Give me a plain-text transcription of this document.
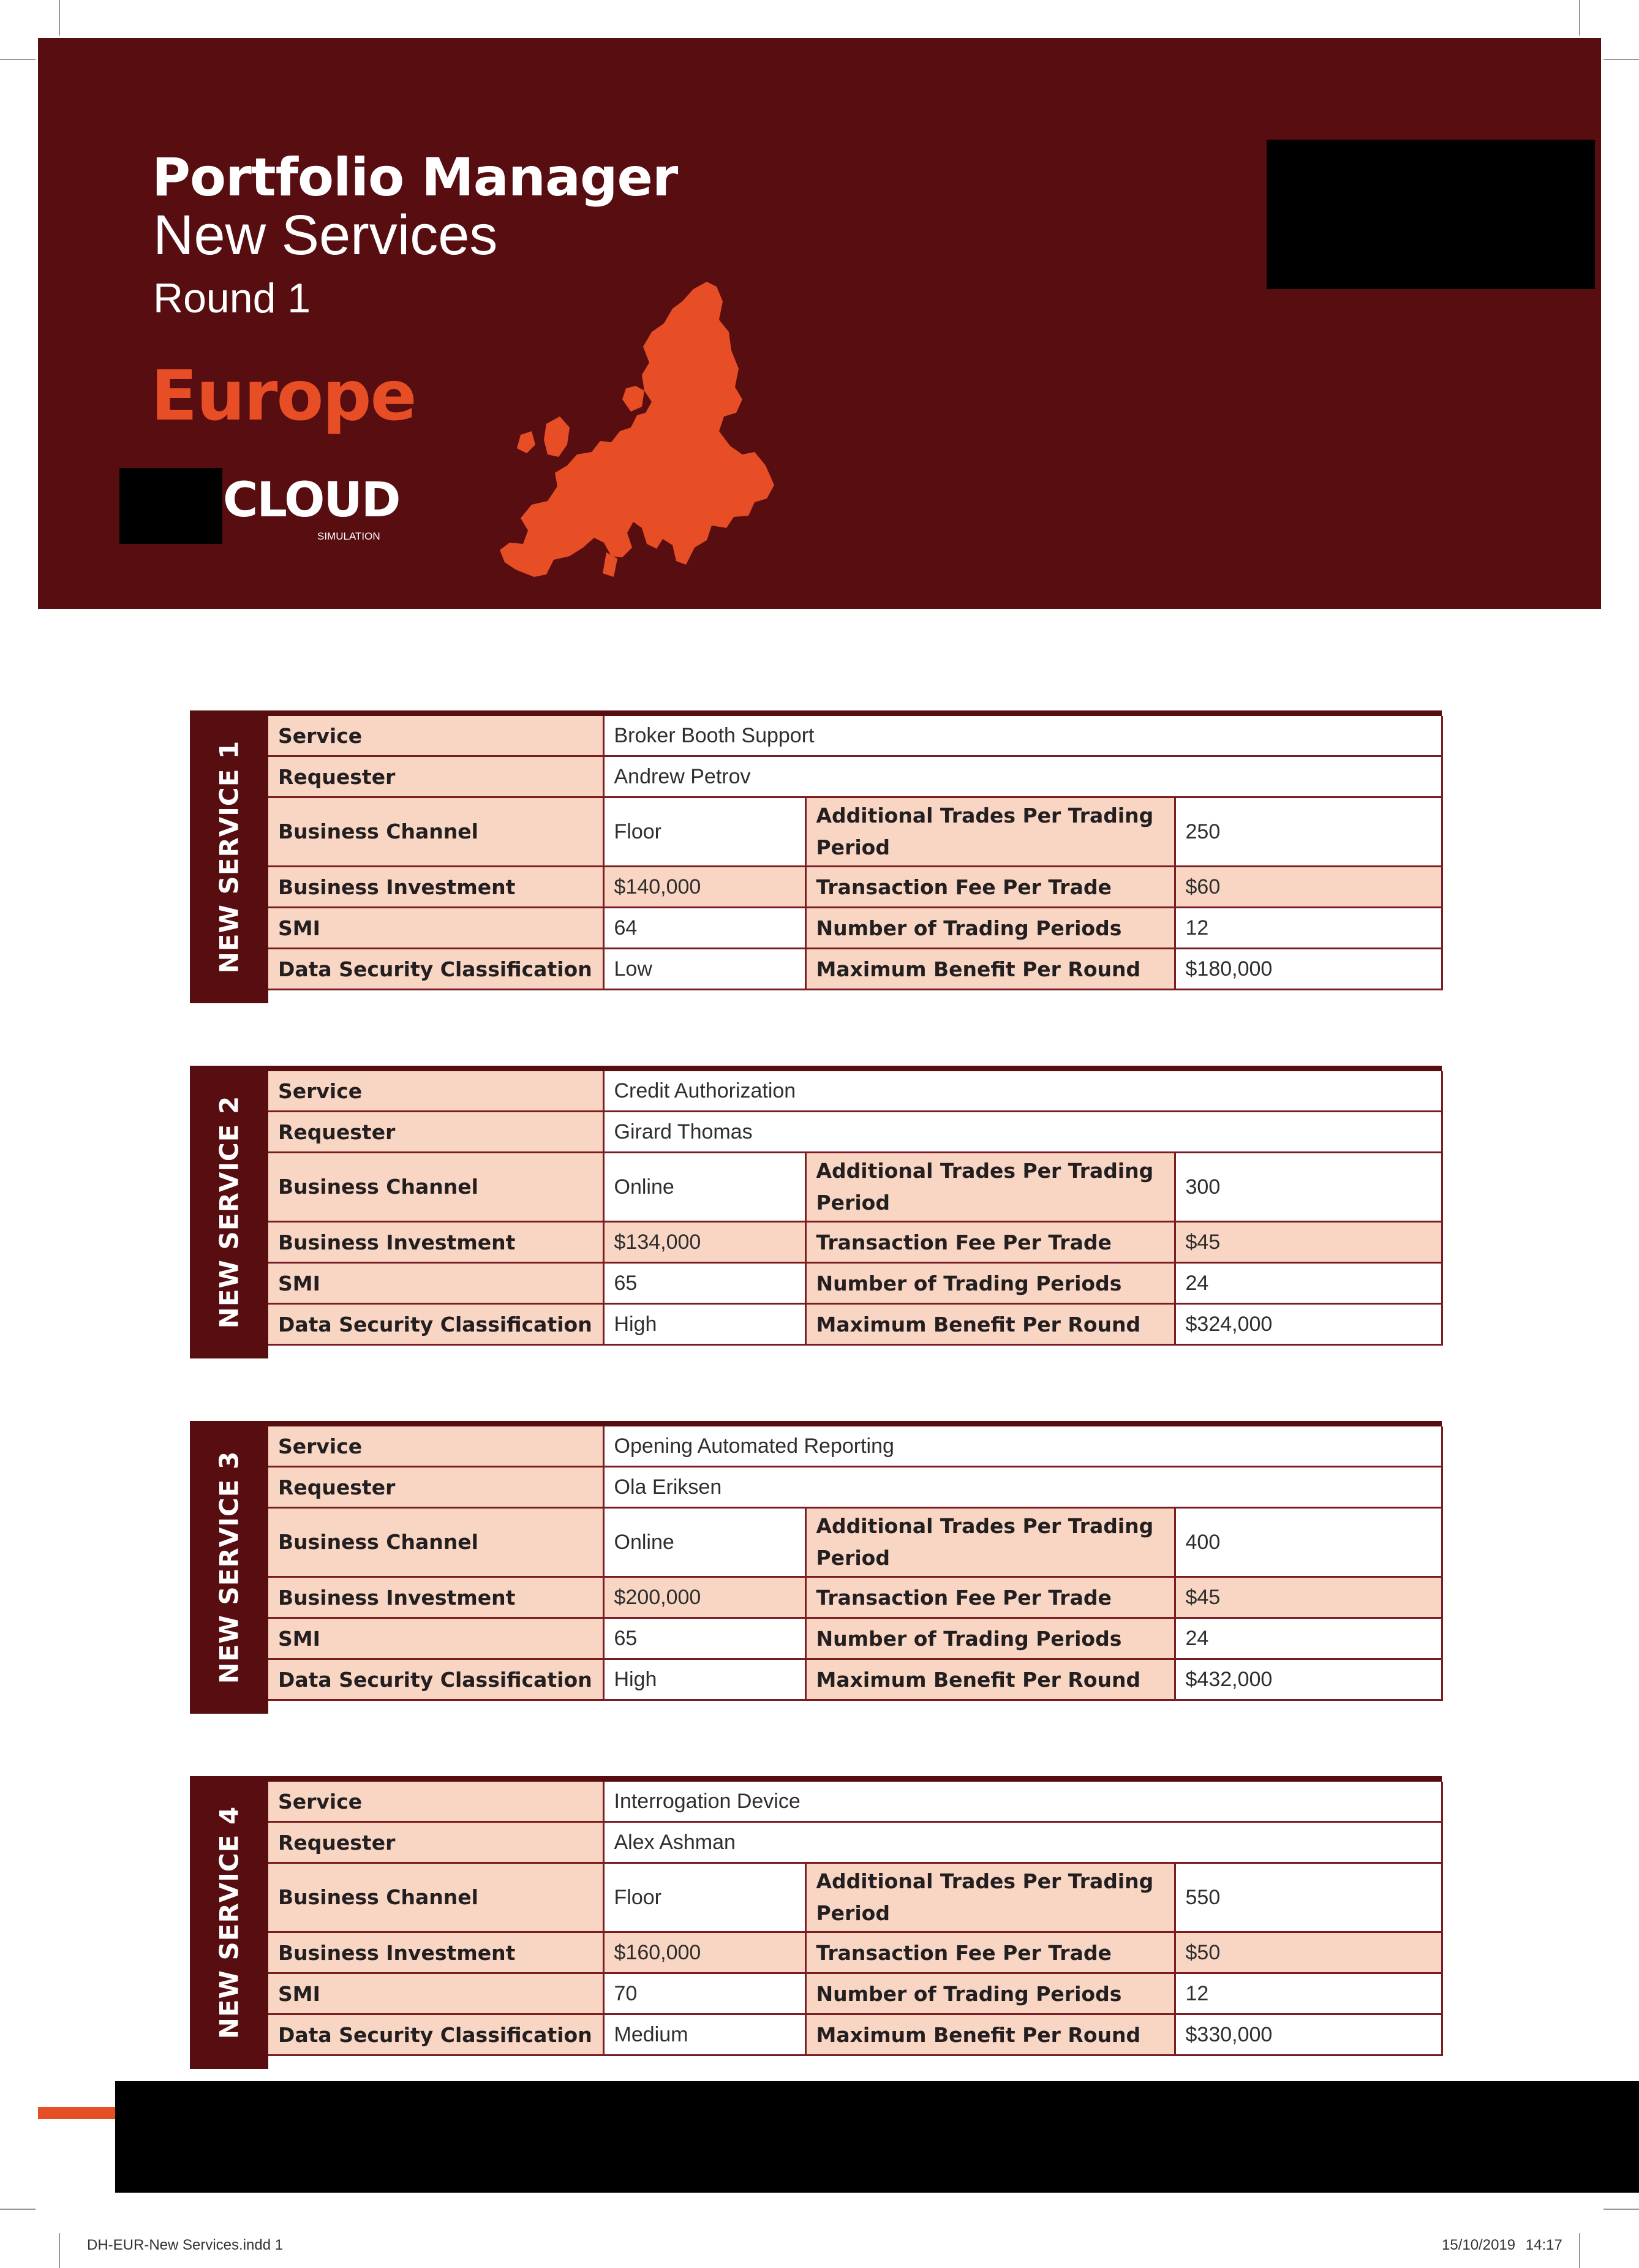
Portfolio Manager
New Services
Round 1
Europe
CLOUD
SIMULATION
NEW SERVICE 1
Service	Broker Booth Support		
Requester	Andrew Petrov		
Business Channel	Floor	Additional Trades Per Trading Period	250
Business Investment	$140,000	Transaction Fee Per Trade	$60
SMI	64	Number of Trading Periods	12
Data Security Classification	Low	Maximum Benefit Per Round	$180,000
NEW SERVICE 2
Service	Credit Authorization		
Requester	Girard Thomas		
Business Channel	Online	Additional Trades Per Trading Period	300
Business Investment	$134,000	Transaction Fee Per Trade	$45
SMI	65	Number of Trading Periods	24
Data Security Classification	High	Maximum Benefit Per Round	$324,000
NEW SERVICE 3
Service	Opening Automated Reporting		
Requester	Ola Eriksen		
Business Channel	Online	Additional Trades Per Trading Period	400
Business Investment	$200,000	Transaction Fee Per Trade	$45
SMI	65	Number of Trading Periods	24
Data Security Classification	High	Maximum Benefit Per Round	$432,000
NEW SERVICE 4
Service	Interrogation Device		
Requester	Alex Ashman		
Business Channel	Floor	Additional Trades Per Trading Period	550
Business Investment	$160,000	Transaction Fee Per Trade	$50
SMI	70	Number of Trading Periods	12
Data Security Classification	Medium	Maximum Benefit Per Round	$330,000
DH-EUR-New Services.indd 1	15/10/2019 14:17
